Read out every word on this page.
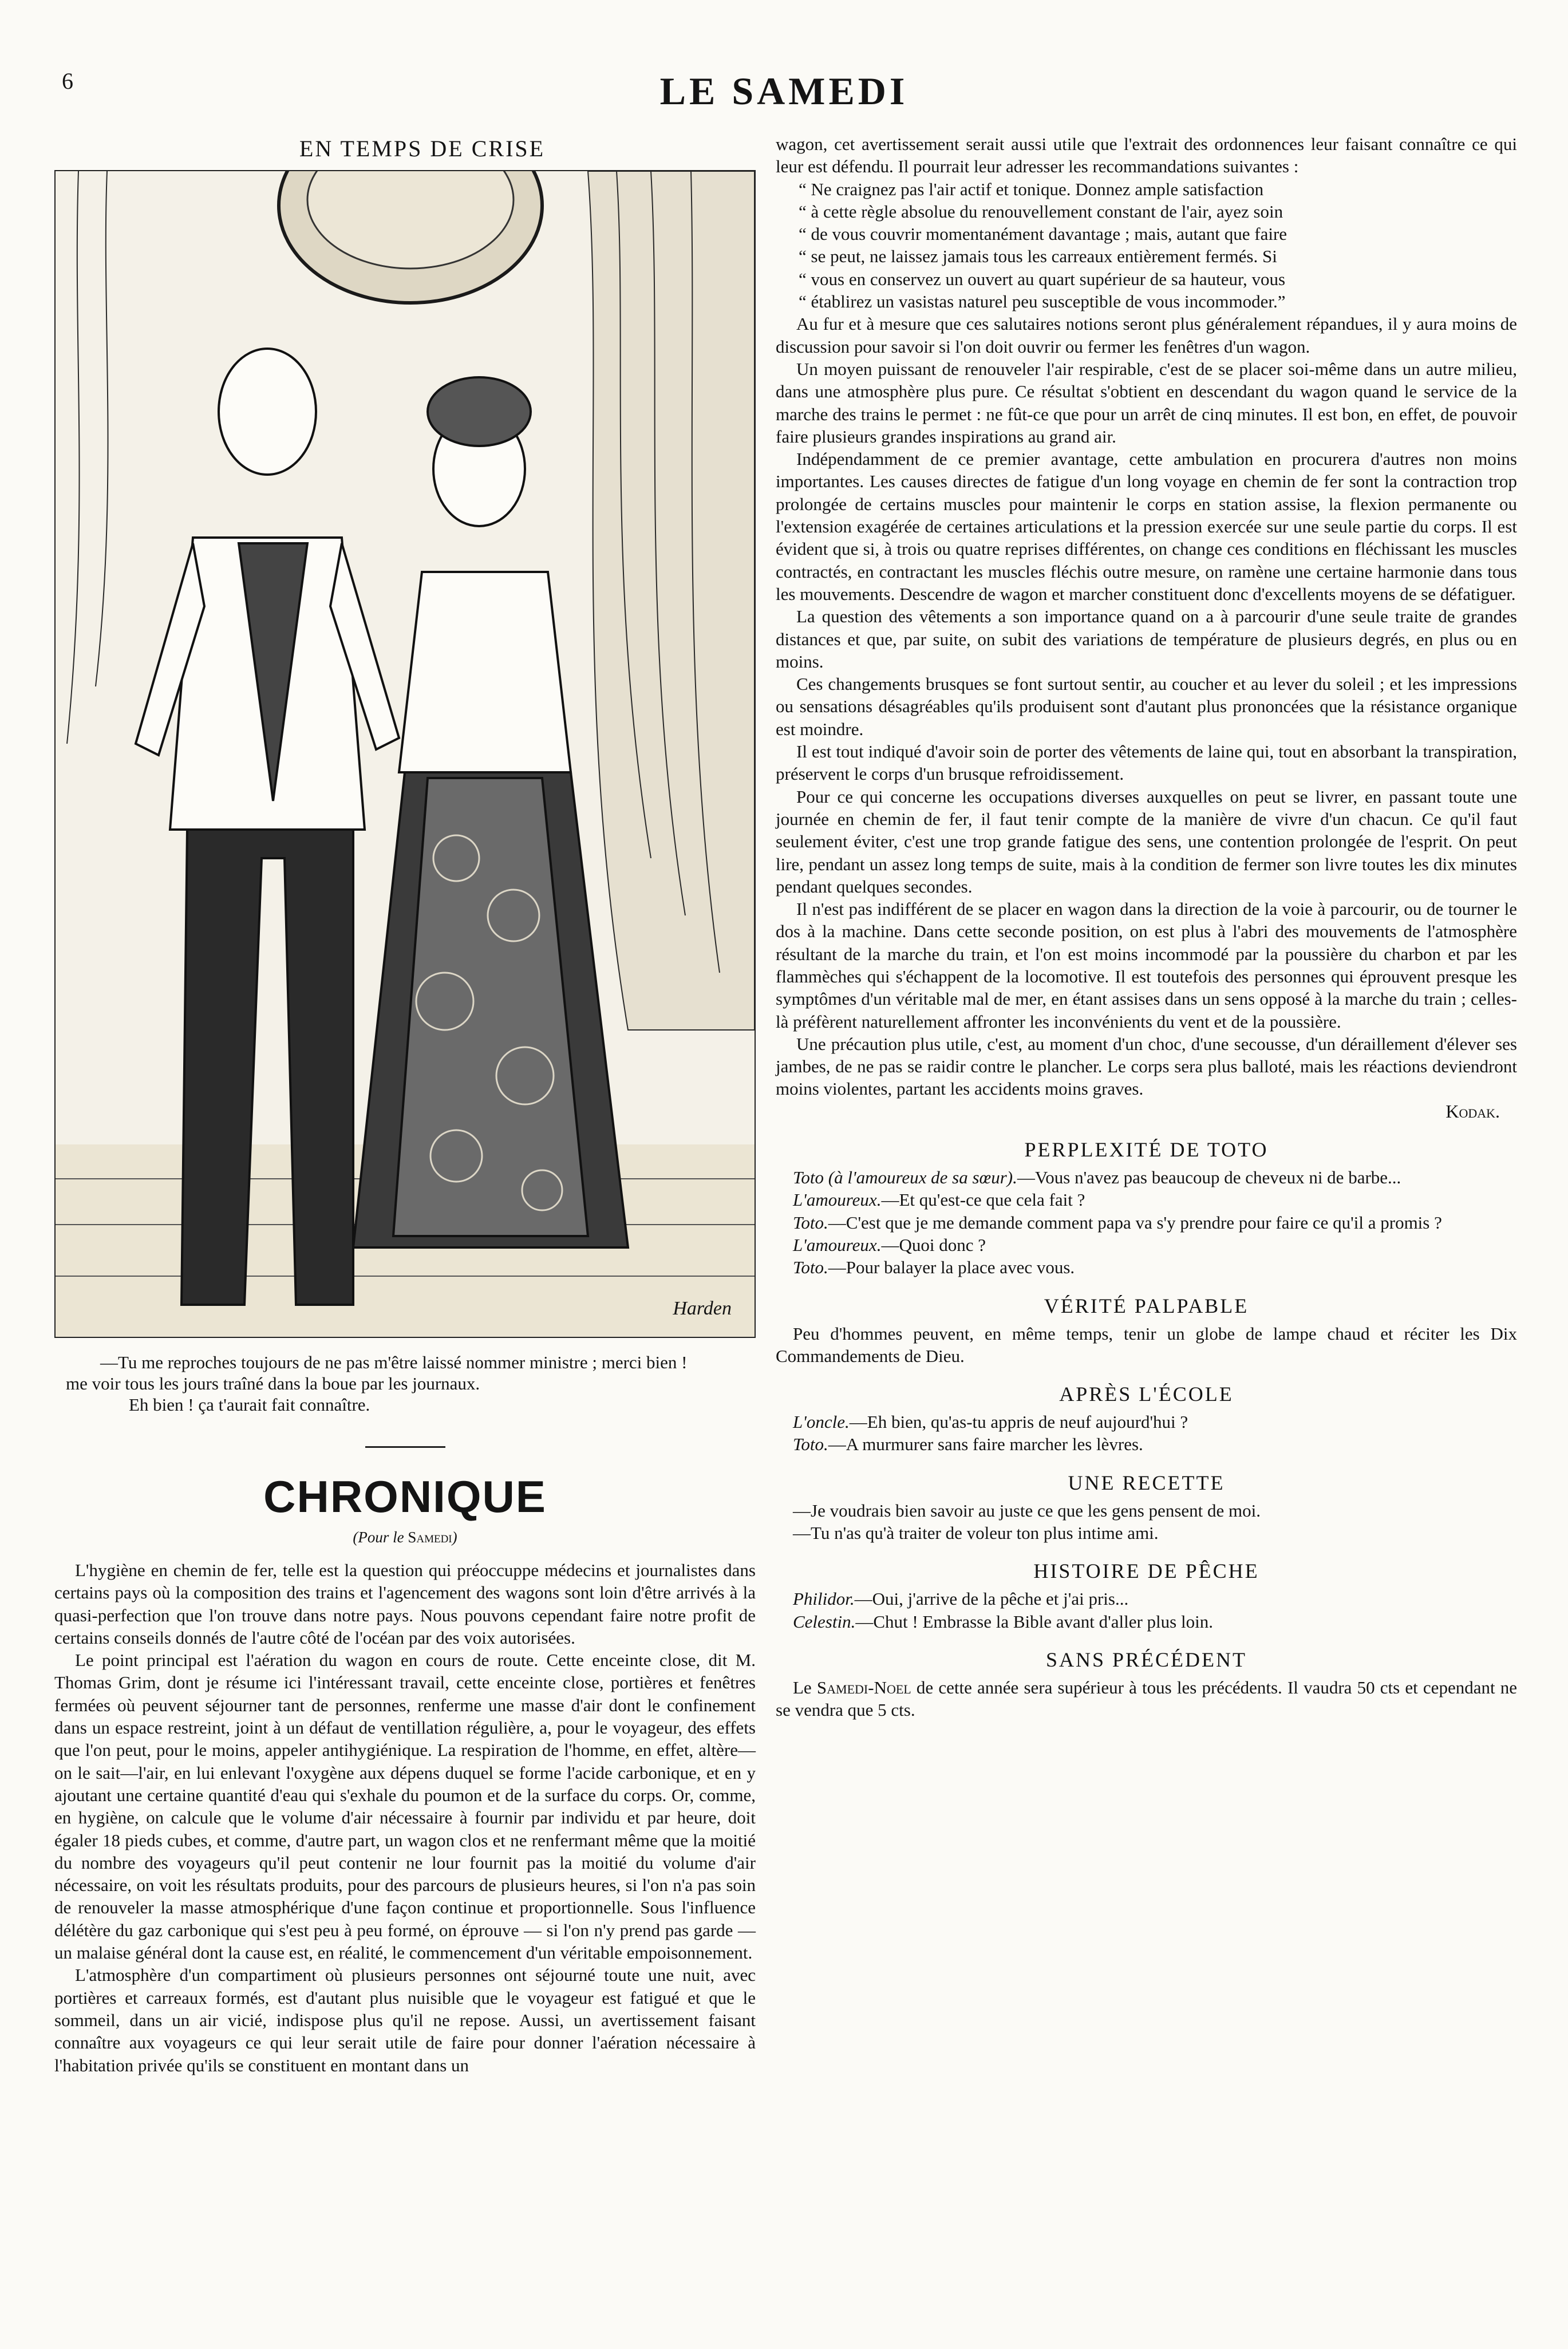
6	LE SAMEDI
EN TEMPS DE CRISE
Harden

—Tu me reproches toujours de ne pas m'être laissé nommer ministre ; merci bien !

me voir tous les jours traîné dans la boue par les journaux.

Eh bien ! ça t'aurait fait connaître.

CHRONIQUE
(Pour le Samedi)

L'hygiène en chemin de fer, telle est la question qui préoccuppe médecins et journalistes dans certains pays où la composition des trains et l'agencement des wagons sont loin d'être arrivés à la quasi-perfection que l'on trouve dans notre pays. Nous pouvons cependant faire notre profit de certains conseils donnés de l'autre côté de l'océan par des voix autorisées.

Le point principal est l'aération du wagon en cours de route. Cette enceinte close, dit M. Thomas Grim, dont je résume ici l'intéressant travail, cette enceinte close, portières et fenêtres fermées où peuvent séjourner tant de personnes, renferme une masse d'air dont le confinement dans un espace restreint, joint à un défaut de ventillation régulière, a, pour le voyageur, des effets que l'on peut, pour le moins, appeler antihygiénique. La respiration de l'homme, en effet, altère—on le sait—l'air, en lui enlevant l'oxygène aux dépens duquel se forme l'acide carbonique, et en y ajoutant une certaine quantité d'eau qui s'exhale du poumon et de la surface du corps. Or, comme, en hygiène, on calcule que le volume d'air nécessaire à fournir par individu et par heure, doit égaler 18 pieds cubes, et comme, d'autre part, un wagon clos et ne renfermant même que la moitié du nombre des voyageurs qu'il peut contenir ne lour fournit pas la moitié du volume d'air nécessaire, on voit les résultats produits, pour des parcours de plusieurs heures, si l'on n'a pas soin de renouveler la masse atmosphérique d'une façon continue et proportionnelle. Sous l'influence délétère du gaz carbonique qui s'est peu à peu formé, on éprouve — si l'on n'y prend pas garde — un malaise général dont la cause est, en réalité, le commencement d'un véritable empoisonnement.

L'atmosphère d'un compartiment où plusieurs personnes ont séjourné toute une nuit, avec portières et carreaux formés, est d'autant plus nuisible que le voyageur est fatigué et que le sommeil, dans un air vicié, indispose plus qu'il ne repose. Aussi, un avertissement faisant connaître aux voyageurs ce qui leur serait utile de faire pour donner l'aération nécessaire à l'habitation privée qu'ils se constituent en montant dans un

wagon, cet avertissement serait aussi utile que l'extrait des ordonnences leur faisant connaître ce qui leur est défendu. Il pourrait leur adresser les recommandations suivantes :

“ Ne craignez pas l'air actif et tonique. Donnez ample satisfaction
“ à cette règle absolue du renouvellement constant de l'air, ayez soin
“ de vous couvrir momentanément davantage ; mais, autant que faire
“ se peut, ne laissez jamais tous les carreaux entièrement fermés. Si
“ vous en conservez un ouvert au quart supérieur de sa hauteur, vous
“ établirez un vasistas naturel peu susceptible de vous incommoder.”

Au fur et à mesure que ces salutaires notions seront plus généralement répandues, il y aura moins de discussion pour savoir si l'on doit ouvrir ou fermer les fenêtres d'un wagon.

Un moyen puissant de renouveler l'air respirable, c'est de se placer soi-même dans un autre milieu, dans une atmosphère plus pure. Ce résultat s'obtient en descendant du wagon quand le service de la marche des trains le permet : ne fût-ce que pour un arrêt de cinq minutes. Il est bon, en effet, de pouvoir faire plusieurs grandes inspirations au grand air.

Indépendamment de ce premier avantage, cette ambulation en procurera d'autres non moins importantes. Les causes directes de fatigue d'un long voyage en chemin de fer sont la contraction trop prolongée de certains muscles pour maintenir le corps en station assise, la flexion permanente ou l'extension exagérée de certaines articulations et la pression exercée sur une seule partie du corps. Il est évident que si, à trois ou quatre reprises différentes, on change ces conditions en fléchissant les muscles contractés, en contractant les muscles fléchis outre mesure, on ramène une certaine harmonie dans tous les mouvements. Descendre de wagon et marcher constituent donc d'excellents moyens de se défatiguer.

La question des vêtements a son importance quand on a à parcourir d'une seule traite de grandes distances et que, par suite, on subit des variations de température de plusieurs degrés, en plus ou en moins.

Ces changements brusques se font surtout sentir, au coucher et au lever du soleil ; et les impressions ou sensations désagréables qu'ils produisent sont d'autant plus prononcées que la résistance organique est moindre.

Il est tout indiqué d'avoir soin de porter des vêtements de laine qui, tout en absorbant la transpiration, préservent le corps d'un brusque refroidissement.

Pour ce qui concerne les occupations diverses auxquelles on peut se livrer, en passant toute une journée en chemin de fer, il faut tenir compte de la manière de vivre d'un chacun. Ce qu'il faut seulement éviter, c'est une trop grande fatigue des sens, une contention prolongée de l'esprit. On peut lire, pendant un assez long temps de suite, mais à la condition de fermer son livre toutes les dix minutes pendant quelques secondes.

Il n'est pas indifférent de se placer en wagon dans la direction de la voie à parcourir, ou de tourner le dos à la machine. Dans cette seconde position, on est plus à l'abri des mouvements de l'atmosphère résultant de la marche du train, et l'on est moins incommodé par la poussière du charbon et par les flammèches qui s'échappent de la locomotive. Il est toutefois des personnes qui éprouvent presque les symptômes d'un véritable mal de mer, en étant assises dans un sens opposé à la marche du train ; celles-là préfèrent naturellement affronter les inconvénients du vent et de la poussière.

Une précaution plus utile, c'est, au moment d'un choc, d'une secousse, d'un déraillement d'élever ses jambes, de ne pas se raidir contre le plancher. Le corps sera plus balloté, mais les réactions deviendront moins violentes, partant les accidents moins graves.

Kodak.
PERPLEXITÉ DE TOTO

Toto (à l'amoureux de sa sœur).—Vous n'avez pas beaucoup de cheveux ni de barbe...

L'amoureux.—Et qu'est-ce que cela fait ?

Toto.—C'est que je me demande comment papa va s'y prendre pour faire ce qu'il a promis ?

L'amoureux.—Quoi donc ?

Toto.—Pour balayer la place avec vous.

VÉRITÉ PALPABLE

Peu d'hommes peuvent, en même temps, tenir un globe de lampe chaud et réciter les Dix Commandements de Dieu.

APRÈS L'ÉCOLE

L'oncle.—Eh bien, qu'as-tu appris de neuf aujourd'hui ?

Toto.—A murmurer sans faire marcher les lèvres.

UNE RECETTE

—Je voudrais bien savoir au juste ce que les gens pensent de moi.

—Tu n'as qu'à traiter de voleur ton plus intime ami.

HISTOIRE DE PÊCHE

Philidor.—Oui, j'arrive de la pêche et j'ai pris...

Celestin.—Chut ! Embrasse la Bible avant d'aller plus loin.

SANS PRÉCÉDENT

Le Samedi-Noel de cette année sera supérieur à tous les précédents. Il vaudra 50 cts et cependant ne se vendra que 5 cts.
